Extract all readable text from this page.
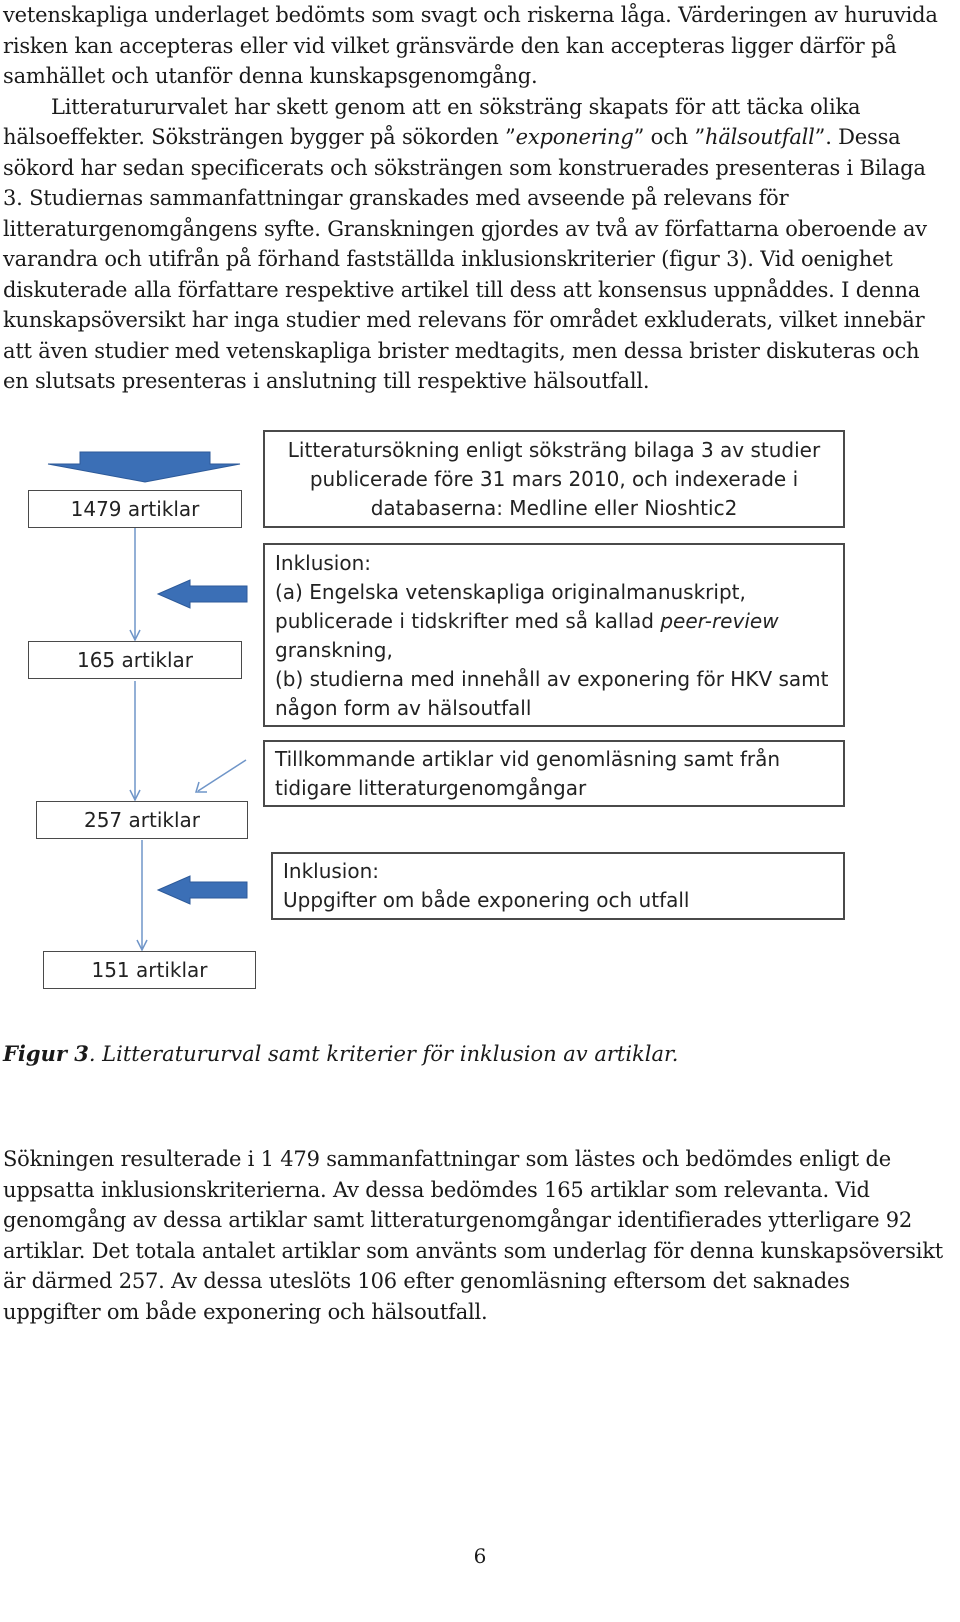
vetenskapliga underlaget bedömts som svagt och riskerna låga. Värderingen av huruvida risken kan accepteras eller vid vilket gränsvärde den kan accepteras ligger därför på samhället och utanför denna kunskapsgenomgång.
Litteratururvalet har skett genom att en söksträng skapats för att täcka olika hälsoeffekter. Söksträngen bygger på sökorden ”exponering” och ”hälsoutfall”. Dessa sökord har sedan specificerats och söksträngen som konstruerades presenteras i Bilaga 3. Studiernas sammanfattningar granskades med avseende på relevans för litteraturgenomgångens syfte. Granskningen gjordes av två av författarna oberoende av varandra och utifrån på förhand fastställda inklusionskriterier (figur 3). Vid oenighet diskuterade alla författare respektive artikel till dess att konsensus uppnåddes. I denna kunskapsöversikt har inga studier med relevans för området exkluderats, vilket innebär att även studier med vetenskapliga brister medtagits, men dessa brister diskuteras och en slutsats presenteras i anslutning till respektive hälsoutfall.

1479 artiklar
165 artiklar
257 artiklar
151 artiklar
Litteratursökning enligt söksträng bilaga 3 av studier
publicerade före 31 mars 2010, och indexerade i
databaserna: Medline eller Nioshtic2
Inklusion:
(a) Engelska vetenskapliga originalmanuskript,
publicerade i tidskrifter med så kallad peer-review
granskning,
(b) studierna med innehåll av exponering för HKV samt
någon form av hälsoutfall
Tillkommande artiklar vid genomläsning samt från
tidigare litteraturgenomgångar
Inklusion:
Uppgifter om både exponering och utfall

Figur 3. Litteratururval samt kriterier för inklusion av artiklar.

Sökningen resulterade i 1 479 sammanfattningar som lästes och bedömdes enligt de uppsatta inklusionskriterierna. Av dessa bedömdes 165 artiklar som relevanta. Vid genomgång av dessa artiklar samt litteraturgenomgångar identifierades ytterligare 92 artiklar. Det totala antalet artiklar som använts som underlag för denna kunskapsöversikt är därmed 257. Av dessa uteslöts 106 efter genomläsning eftersom det saknades uppgifter om både exponering och hälsoutfall.

6
